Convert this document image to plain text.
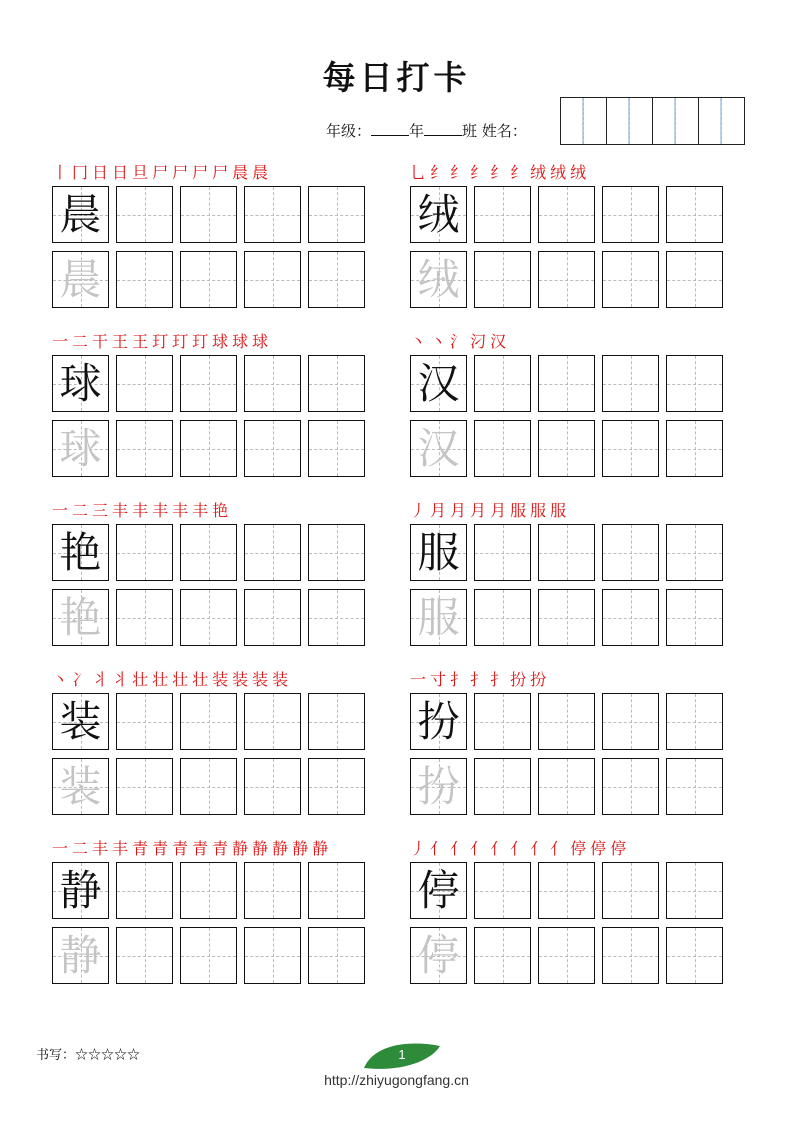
每日打卡
年级：	年	班 姓名：
丨 冂 日 日 旦 尸 尸 尸 尸 晨 晨
晨
晨
乚 纟 纟 纟 纟 纟 绒 绒 绒
绒
绒
一 二 干 王 王 玎 玎 玎 球 球 球
球
球
丶 丶 氵 汈 汉
汉
汉
一 二 三 丰 丰 丰 丰 丰 艳
艳
艳
丿 月 月 月 月 服 服 服
服
服
丶 冫 丬 丬 壮 壮 壮 壮 装 装 装 装
装
装
一 寸 扌 扌 扌 扮 扮
扮
扮
一 二 丰 丰 青 青 青 青 青 静 静 静 静 静
静
静
丿 亻 亻 亻 亻 亻 亻 亻 停 停 停
停
停
书写：☆☆☆☆☆	1
http://zhiyugongfang.cn
